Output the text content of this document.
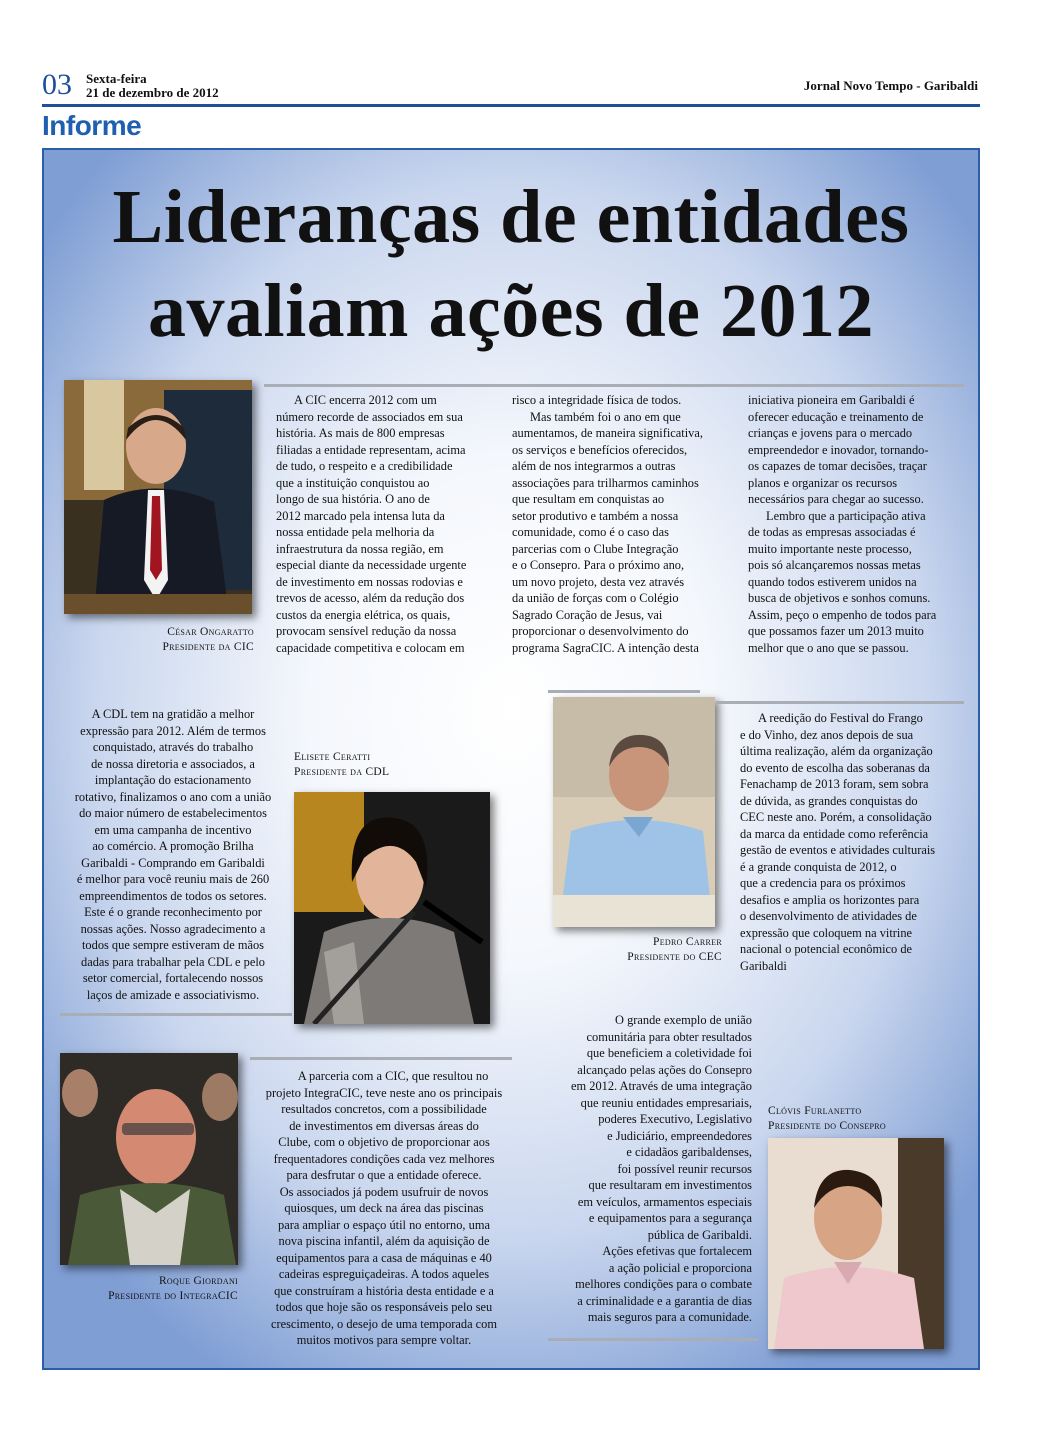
03 Sexta-feira
21 de dezembro de 2012	Jornal Novo Tempo - Garibaldi
Informe
Lideranças de entidades
avaliam ações de 2012
César Ongaratto
Presidente da CIC
A CIC encerra 2012 com um
número recorde de associados em sua
história. As mais de 800 empresas
filiadas a entidade representam, acima
de tudo, o respeito e a credibilidade
que a instituição conquistou ao
longo de sua história. O ano de
2012 marcado pela intensa luta da
nossa entidade pela melhoria da
infraestrutura da nossa região, em
especial diante da necessidade urgente
de investimento em nossas rodovias e
trevos de acesso, além da redução dos
custos da energia elétrica, os quais,
provocam sensível redução da nossa
capacidade competitiva e colocam em
risco a integridade física de todos.
Mas também foi o ano em que
aumentamos, de maneira significativa,
os serviços e benefícios oferecidos,
além de nos integrarmos a outras
associações para trilharmos caminhos
que resultam em conquistas ao
setor produtivo e também a nossa
comunidade, como é o caso das
parcerias com o Clube Integração
e o Consepro. Para o próximo ano,
um novo projeto, desta vez através
da união de forças com o Colégio
Sagrado Coração de Jesus, vai
proporcionar o desenvolvimento do
programa SagraCIC. A intenção desta
iniciativa pioneira em Garibaldi é
oferecer educação e treinamento de
crianças e jovens para o mercado
empreendedor e inovador, tornando-
os capazes de tomar decisões, traçar
planos e organizar os recursos
necessários para chegar ao sucesso.
Lembro que a participação ativa
de todas as empresas associadas é
muito importante neste processo,
pois só alcançaremos nossas metas
quando todos estiverem unidos na
busca de objetivos e sonhos comuns.
Assim, peço o empenho de todos para
que possamos fazer um 2013 muito
melhor que o ano que se passou.
A CDL tem na gratidão a melhor
expressão para 2012. Além de termos
conquistado, através do trabalho
de nossa diretoria e associados, a
implantação do estacionamento
rotativo, finalizamos o ano com a união
do maior número de estabelecimentos
em uma campanha de incentivo
ao comércio. A promoção Brilha
Garibaldi - Comprando em Garibaldi
é melhor para você reuniu mais de 260
empreendimentos de todos os setores.
Este é o grande reconhecimento por
nossas ações. Nosso agradecimento a
todos que sempre estiveram de mãos
dadas para trabalhar pela CDL e pelo
setor comercial, fortalecendo nossos
laços de amizade e associativismo.
Elisete Ceratti
Presidente da CDL
Pedro Carrer
Presidente do CEC
A reedição do Festival do Frango
e do Vinho, dez anos depois de sua
última realização, além da organização
do evento de escolha das soberanas da
Fenachamp de 2013 foram, sem sobra
de dúvida, as grandes conquistas do
CEC neste ano. Porém, a consolidação
da marca da entidade como referência
gestão de eventos e atividades culturais
é a grande conquista de 2012, o
que a credencia para os próximos
desafios e amplia os horizontes para
o desenvolvimento de atividades de
expressão que coloquem na vitrine
nacional o potencial econômico de
Garibaldi
Roque Giordani
Presidente do IntegraCIC
A parceria com a CIC, que resultou no
projeto IntegraCIC, teve neste ano os principais
resultados concretos, com a possibilidade
de investimentos em diversas áreas do
Clube, com o objetivo de proporcionar aos
frequentadores condições cada vez melhores
para desfrutar o que a entidade oferece.
Os associados já podem usufruir de novos
quiosques, um deck na área das piscinas
para ampliar o espaço útil no entorno, uma
nova piscina infantil, além da aquisição de
equipamentos para a casa de máquinas e 40
cadeiras espreguiçadeiras. A todos aqueles
que construíram a história desta entidade e a
todos que hoje são os responsáveis pelo seu
crescimento, o desejo de uma temporada com
muitos motivos para sempre voltar.
O grande exemplo de união
comunitária para obter resultados
que beneficiem a coletividade foi
alcançado pelas ações do Consepro
em 2012. Através de uma integração
que reuniu entidades empresariais,
poderes Executivo, Legislativo
e Judiciário, empreendedores
e cidadãos garibaldenses,
foi possível reunir recursos
que resultaram em investimentos
em veículos, armamentos especiais
e equipamentos para a segurança
pública de Garibaldi.
Ações efetivas que fortalecem
a ação policial e proporciona
melhores condições para o combate
a criminalidade e a garantia de dias
mais seguros para a comunidade.
Clóvis Furlanetto
Presidente do Consepro
